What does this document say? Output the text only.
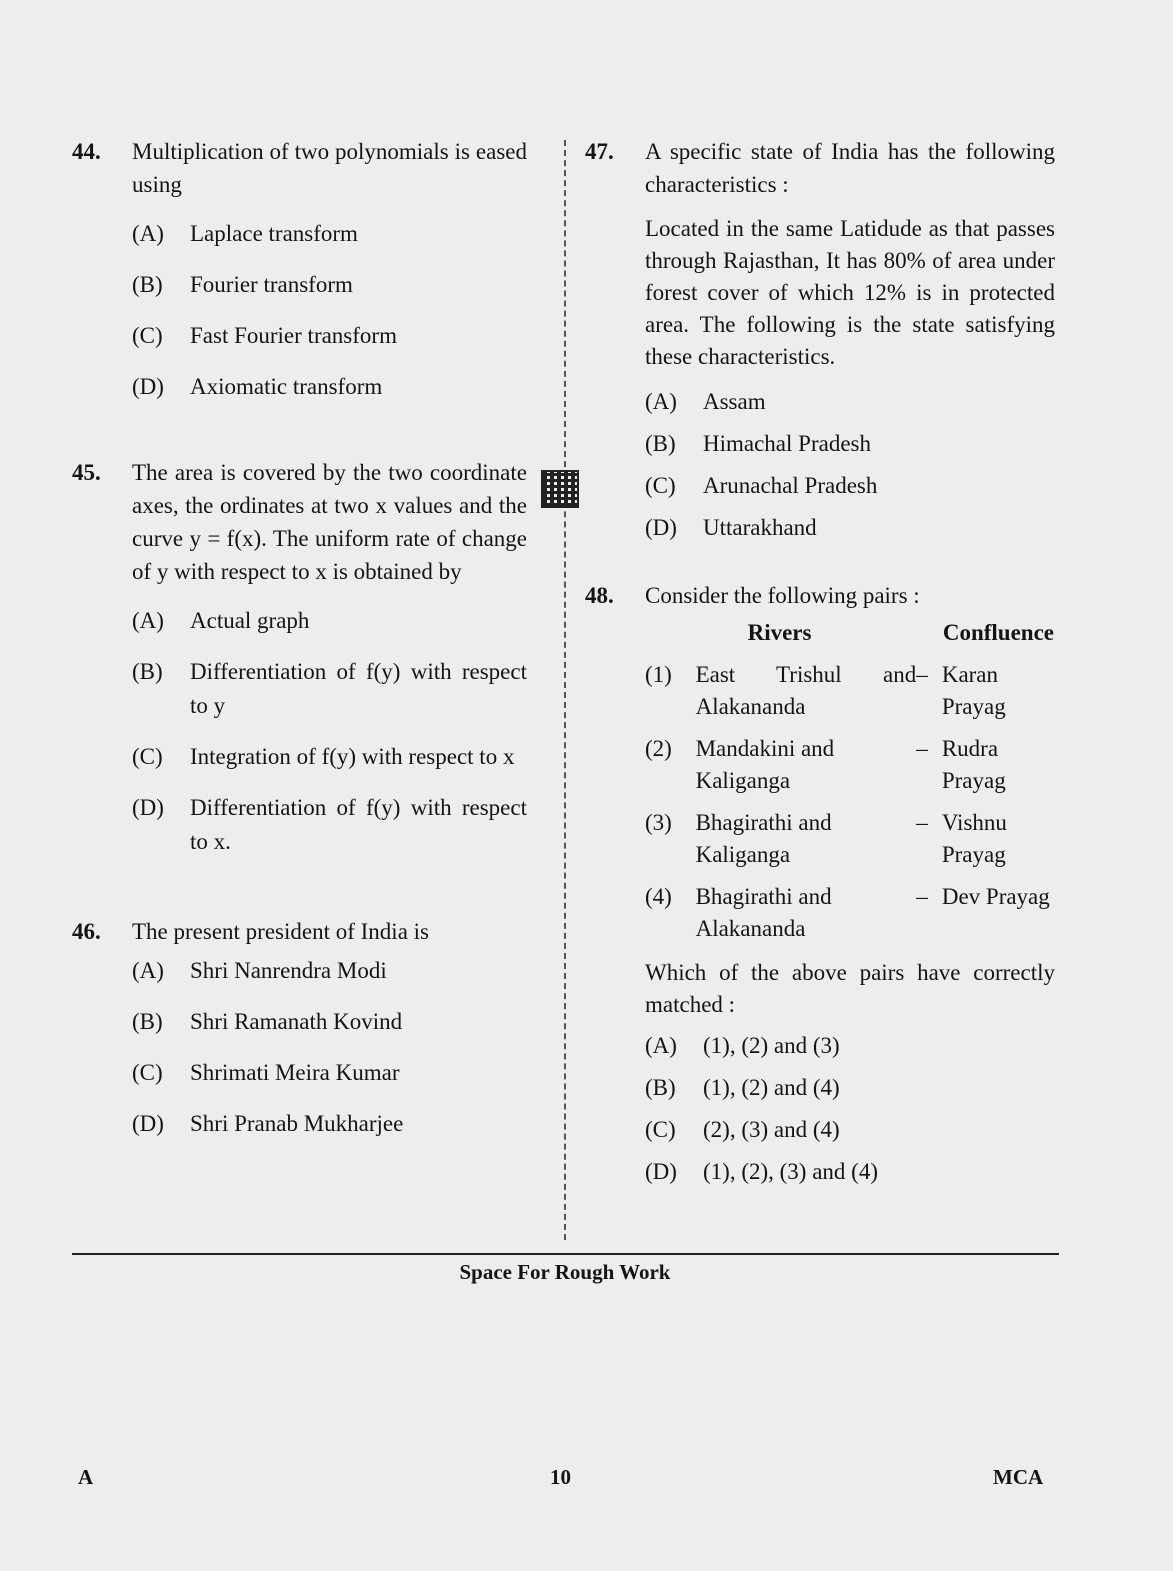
44. Multiplication of two polynomials is eased using
(A)	Laplace transform
(B)	Fourier transform
(C)	Fast Fourier transform
(D)	Axiomatic transform
45. The area is covered by the two coordinate axes, the ordinates at two x values and the curve y = f(x). The uniform rate of change of y with respect to x is obtained by
(A)	Actual graph
(B)	Differentiation of f(y) with respect to y
(C)	Integration of f(y) with respect to x
(D)	Differentiation of f(y) with respect to x.
46. The present president of India is
(A)	Shri Nanrendra Modi
(B)	Shri Ramanath Kovind
(C)	Shrimati Meira Kumar
(D)	Shri Pranab Mukharjee
47. A specific state of India has the following characteristics :
Located in the same Latidude as that passes through Rajasthan, It has 80% of area under forest cover of which 12% is in protected area. The following is the state satisfying these characteristics.
(A)	Assam
(B)	Himachal Pradesh
(C)	Arunachal Pradesh
(D)	Uttarakhand
48. Consider the following pairs :
	Rivers		Confluence
(1)	East Trishul and Alakananda	–	Karan Prayag
(2)	Mandakini and Kaliganga	–	Rudra Prayag
(3)	Bhagirathi and Kaliganga	–	Vishnu Prayag
(4)	Bhagirathi and Alakananda	–	Dev Prayag
Which of the above pairs have correctly matched :
(A)	(1), (2) and (3)
(B)	(1), (2) and (4)
(C)	(2), (3) and (4)
(D)	(1), (2), (3) and (4)
Space For Rough Work
A	10	MCA
